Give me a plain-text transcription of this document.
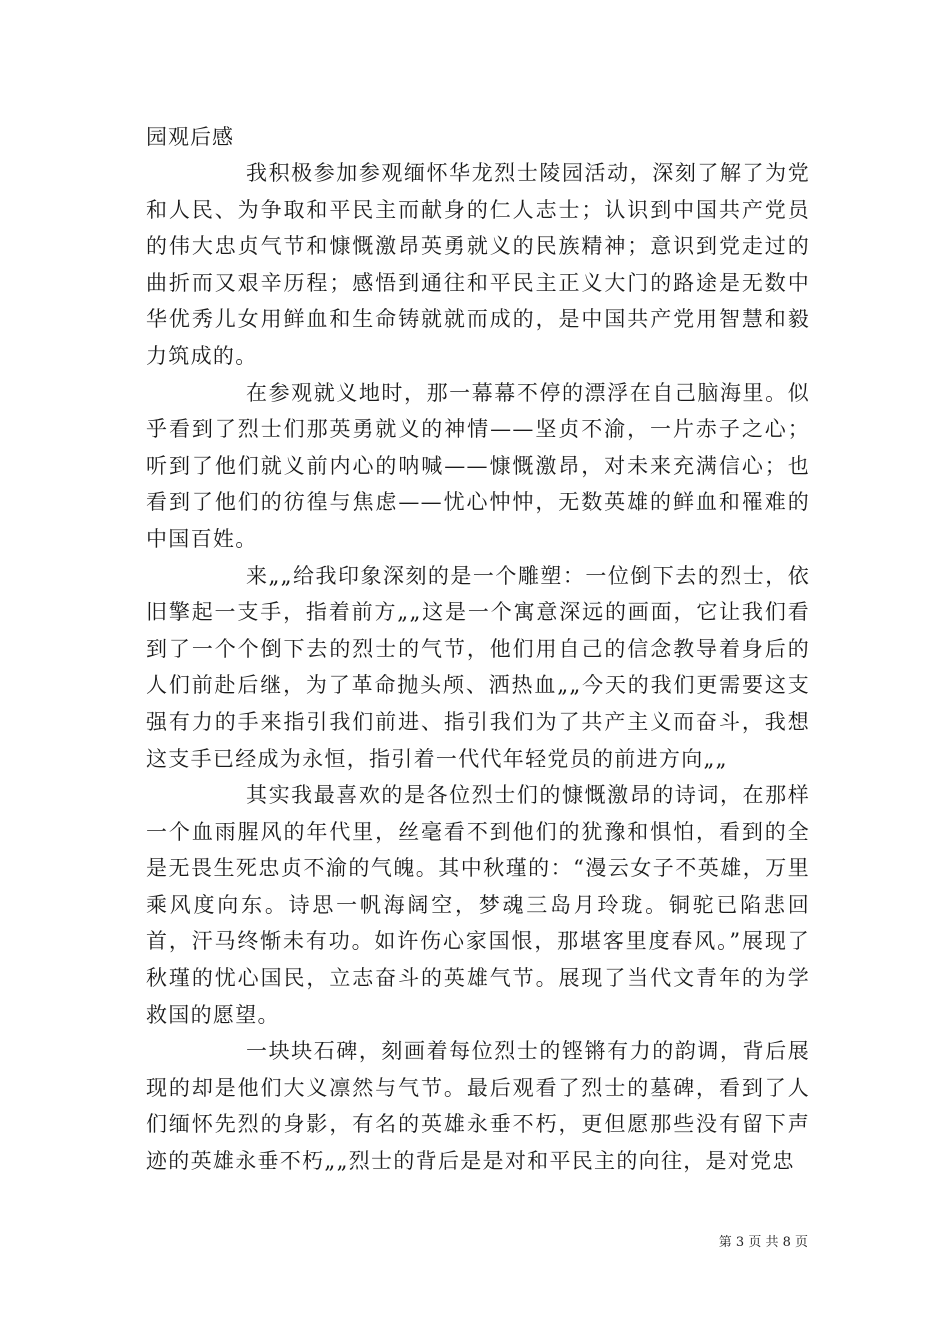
园观后感

我积极参加参观缅怀华龙烈士陵园活动，深刻了解了为党和人民、为争取和平民主而献身的仁人志士；认识到中国共产党员的伟大忠贞气节和慷慨激昂英勇就义的民族精神；意识到党走过的曲折而又艰辛历程；感悟到通往和平民主正义大门的路途是无数中华优秀儿女用鲜血和生命铸就就而成的，是中国共产党用智慧和毅力筑成的。

在参观就义地时，那一幕幕不停的漂浮在自己脑海里。似乎看到了烈士们那英勇就义的神情——坚贞不渝，一片赤子之心；听到了他们就义前内心的呐喊——慷慨激昂，对未来充满信心；也看到了他们的彷徨与焦虑——忧心忡忡，无数英雄的鲜血和罹难的中国百姓。

来„„给我印象深刻的是一个雕塑：一位倒下去的烈士，依旧擎起一支手，指着前方„„这是一个寓意深远的画面，它让我们看到了一个个倒下去的烈士的气节，他们用自己的信念教导着身后的人们前赴后继，为了革命抛头颅、洒热血„„今天的我们更需要这支强有力的手来指引我们前进、指引我们为了共产主义而奋斗，我想这支手已经成为永恒，指引着一代代年轻党员的前进方向„„

其实我最喜欢的是各位烈士们的慷慨激昂的诗词，在那样一个血雨腥风的年代里，丝毫看不到他们的犹豫和惧怕，看到的全是无畏生死忠贞不渝的气魄。其中秋瑾的：“漫云女子不英雄，万里乘风度向东。诗思一帆海阔空，梦魂三岛月玲珑。铜驼已陷悲回首，汗马终惭未有功。如许伤心家国恨，那堪客里度春风。”展现了秋瑾的忧心国民，立志奋斗的英雄气节。展现了当代文青年的为学救国的愿望。

一块块石碑，刻画着每位烈士的铿锵有力的韵调，背后展现的却是他们大义凛然与气节。最后观看了烈士的墓碑，看到了人们缅怀先烈的身影，有名的英雄永垂不朽，更但愿那些没有留下声迹的英雄永垂不朽„„烈士的背后是是对和平民主的向往，是对党忠

第 3 页 共 8 页
